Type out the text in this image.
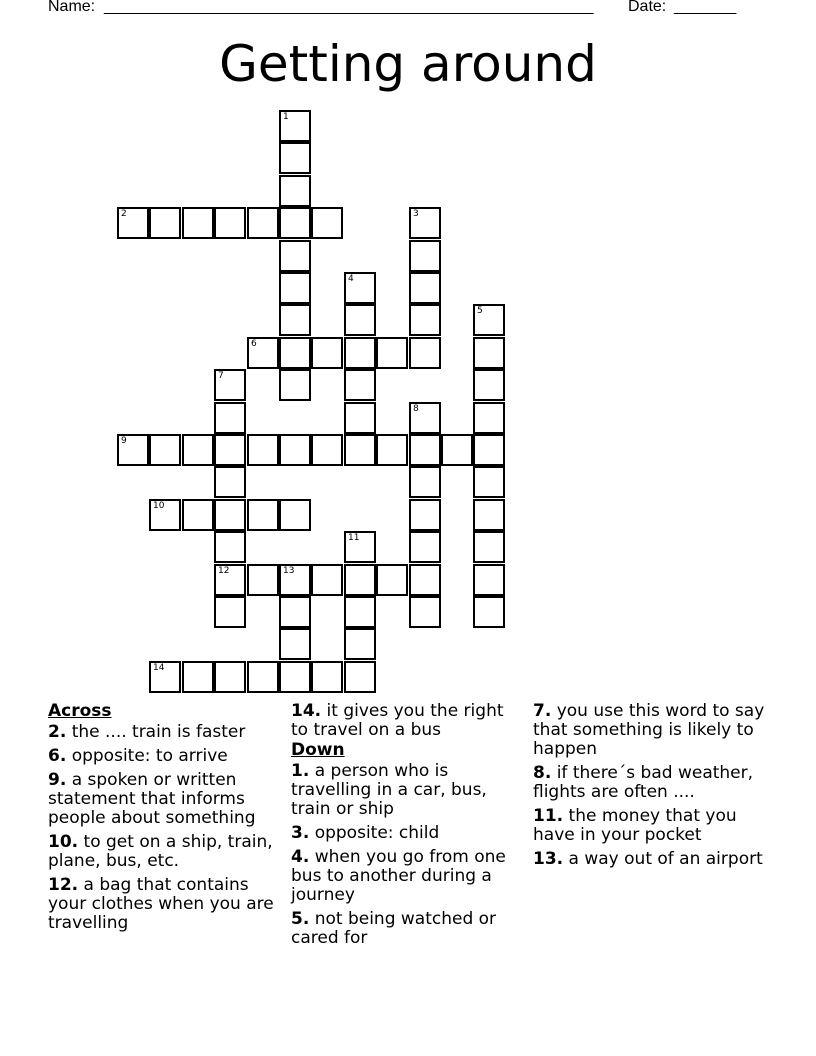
Name: _______________________________________________________ Date: _______
Getting around
1
2	3
4
5
6
7
8
9
10
11
12	13
14
Across
2. the .... train is faster
6. opposite: to arrive
9. a spoken or written statement that informs people about something
10. to get on a ship, train, plane, bus, etc.
12. a bag that contains your clothes when you are travelling
14. it gives you the right to travel on a bus
Down
1. a person who is travelling in a car, bus, train or ship
3. opposite: child
4. when you go from one bus to another during a journey
5. not being watched or cared for
7. you use this word to say that something is likely to happen
8. if there´s bad weather, flights are often ....
11. the money that you have in your pocket
13. a way out of an airport
